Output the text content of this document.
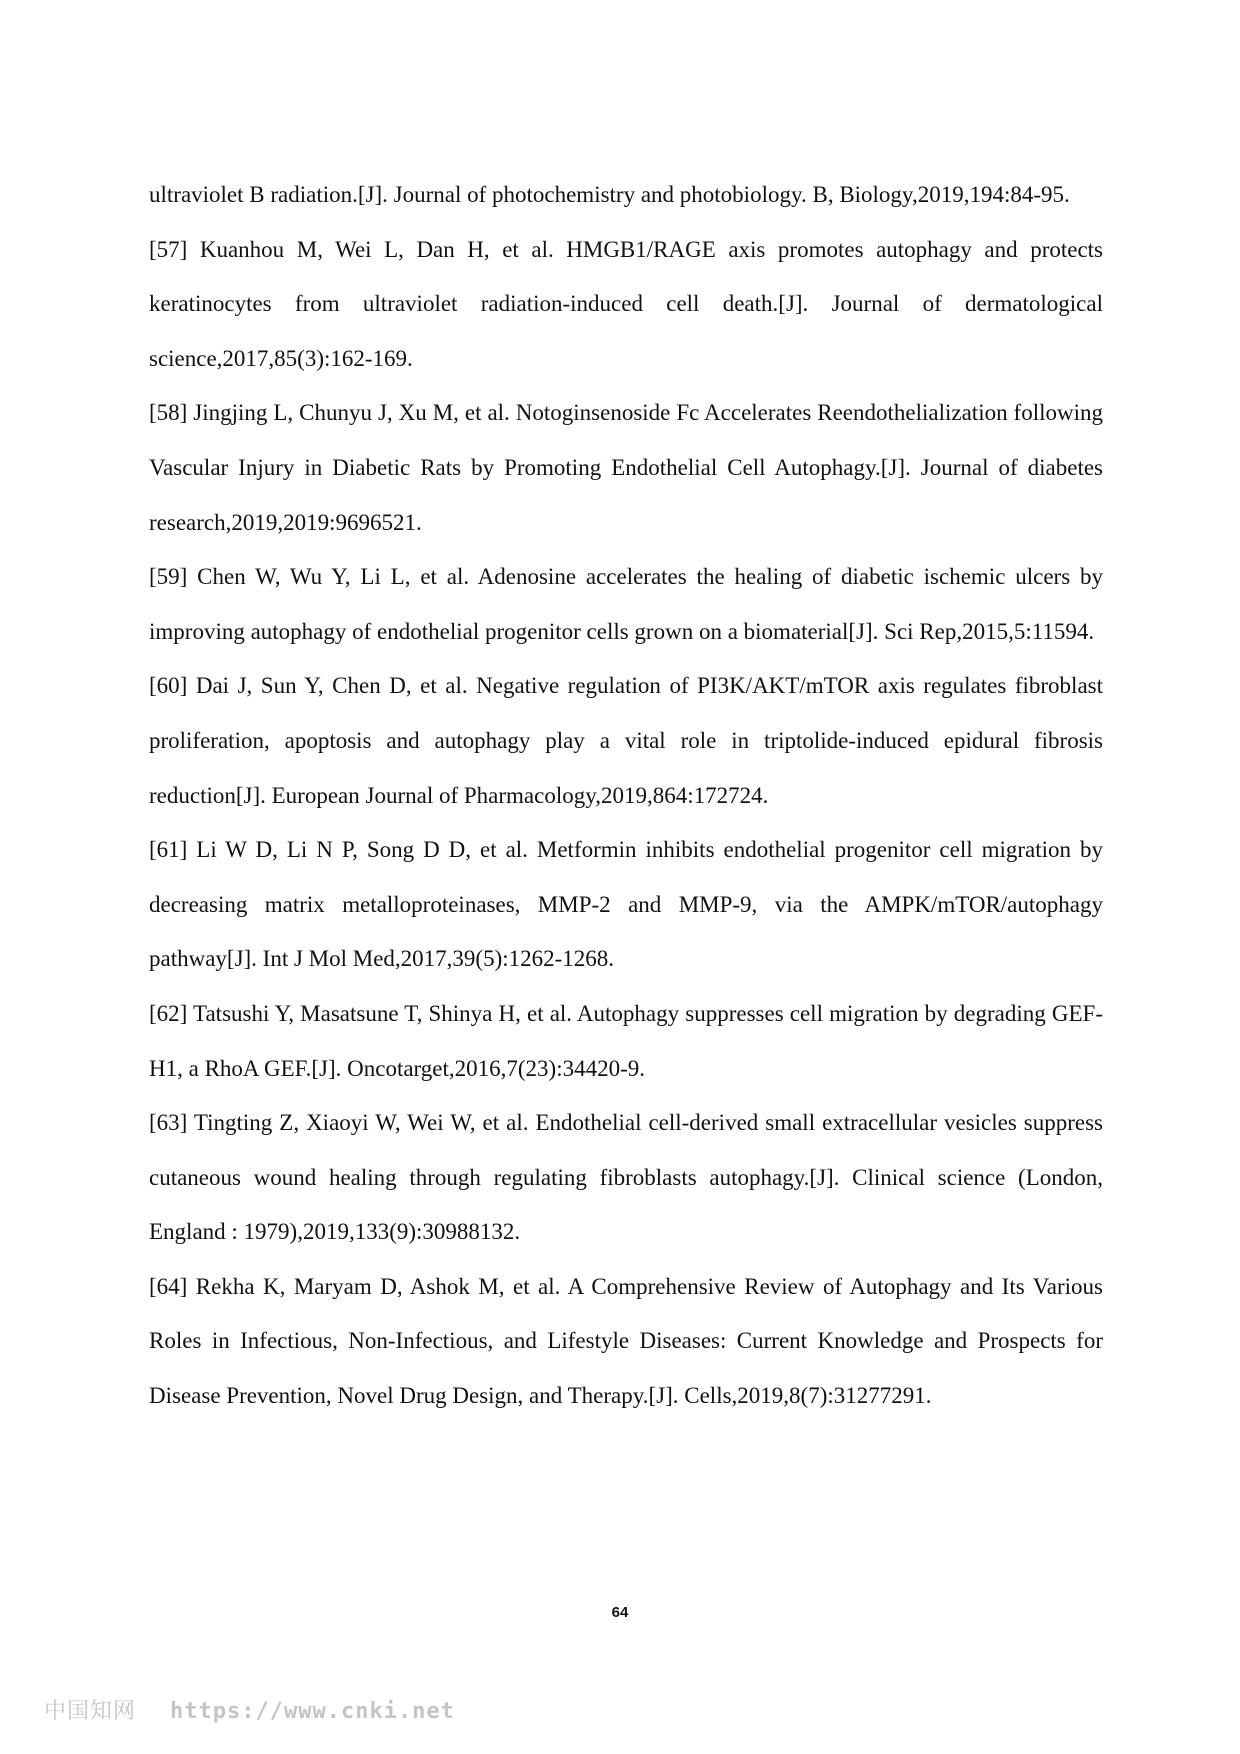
ultraviolet B radiation.[J]. Journal of photochemistry and photobiology. B, Biology,2019,194:84-95.

[57] Kuanhou M, Wei L, Dan H, et al. HMGB1/RAGE axis promotes autophagy and protects keratinocytes from ultraviolet radiation-induced cell death.[J]. Journal of dermatological science,2017,85(3):162-169.

[58] Jingjing L, Chunyu J, Xu M, et al. Notoginsenoside Fc Accelerates Reendothelialization following Vascular Injury in Diabetic Rats by Promoting Endothelial Cell Autophagy.[J]. Journal of diabetes research,2019,2019:9696521.

[59] Chen W, Wu Y, Li L, et al. Adenosine accelerates the healing of diabetic ischemic ulcers by improving autophagy of endothelial progenitor cells grown on a biomaterial[J]. Sci Rep,2015,5:11594.

[60] Dai J, Sun Y, Chen D, et al. Negative regulation of PI3K/AKT/mTOR axis regulates fibroblast proliferation, apoptosis and autophagy play a vital role in triptolide-induced epidural fibrosis reduction[J]. European Journal of Pharmacology,2019,864:172724.

[61] Li W D, Li N P, Song D D, et al. Metformin inhibits endothelial progenitor cell migration by decreasing matrix metalloproteinases, MMP-2 and MMP-9, via the AMPK/mTOR/autophagy pathway[J]. Int J Mol Med,2017,39(5):1262-1268.

[62] Tatsushi Y, Masatsune T, Shinya H, et al. Autophagy suppresses cell migration by degrading GEF-H1, a RhoA GEF.[J]. Oncotarget,2016,7(23):34420-9.

[63] Tingting Z, Xiaoyi W, Wei W, et al. Endothelial cell-derived small extracellular vesicles suppress cutaneous wound healing through regulating fibroblasts autophagy.[J]. Clinical science (London, England : 1979),2019,133(9):30988132.

[64] Rekha K, Maryam D, Ashok M, et al. A Comprehensive Review of Autophagy and Its Various Roles in Infectious, Non-Infectious, and Lifestyle Diseases: Current Knowledge and Prospects for Disease Prevention, Novel Drug Design, and Therapy.[J]. Cells,2019,8(7):31277291.

64
中国知网 https://www.cnki.net
